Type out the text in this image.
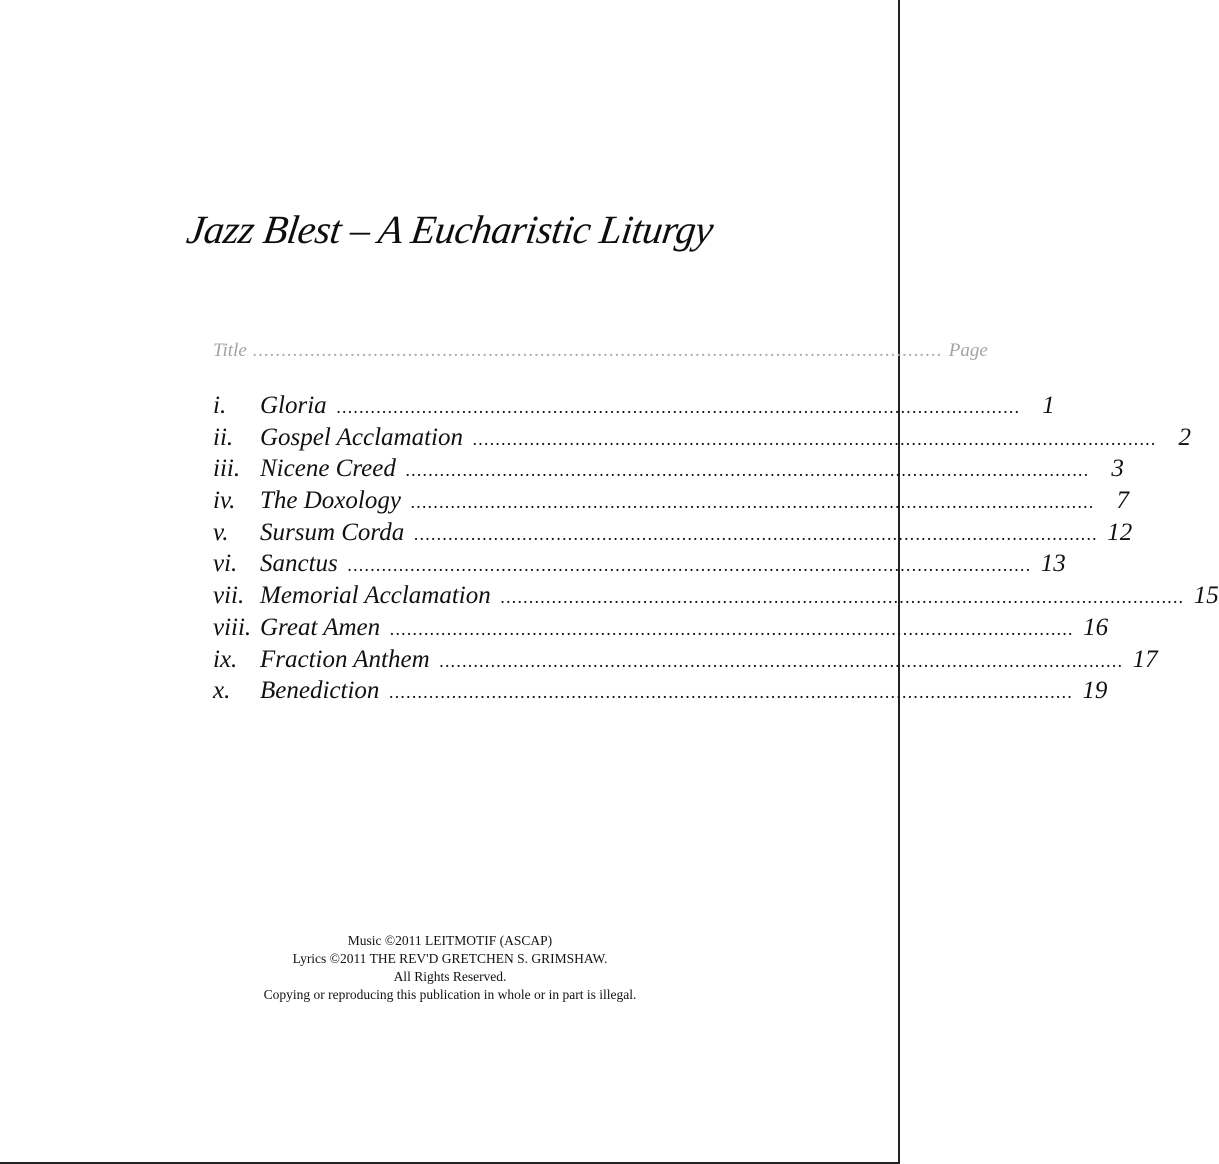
Jazz Blest – A Eucharistic Liturgy
Title ........................................................................................................................ Page
i.	Gloria ........................................................................................................................ 1
ii.	Gospel Acclamation ........................................................................................................................ 2
iii. Nicene Creed ........................................................................................................................ 3
iv. The Doxology ........................................................................................................................ 7
v.	Sursum Corda ........................................................................................................................ 12
vi. Sanctus ........................................................................................................................ 13
vii. Memorial Acclamation ........................................................................................................................ 15
viii. Great Amen ........................................................................................................................ 16
ix. Fraction Anthem ........................................................................................................................ 17
x.	Benediction ........................................................................................................................ 19
Music ©2011 LEITMOTIF (ASCAP)
Lyrics ©2011 THE REV'D GRETCHEN S. GRIMSHAW.
All Rights Reserved.
Copying or reproducing this publication in whole or in part is illegal.
